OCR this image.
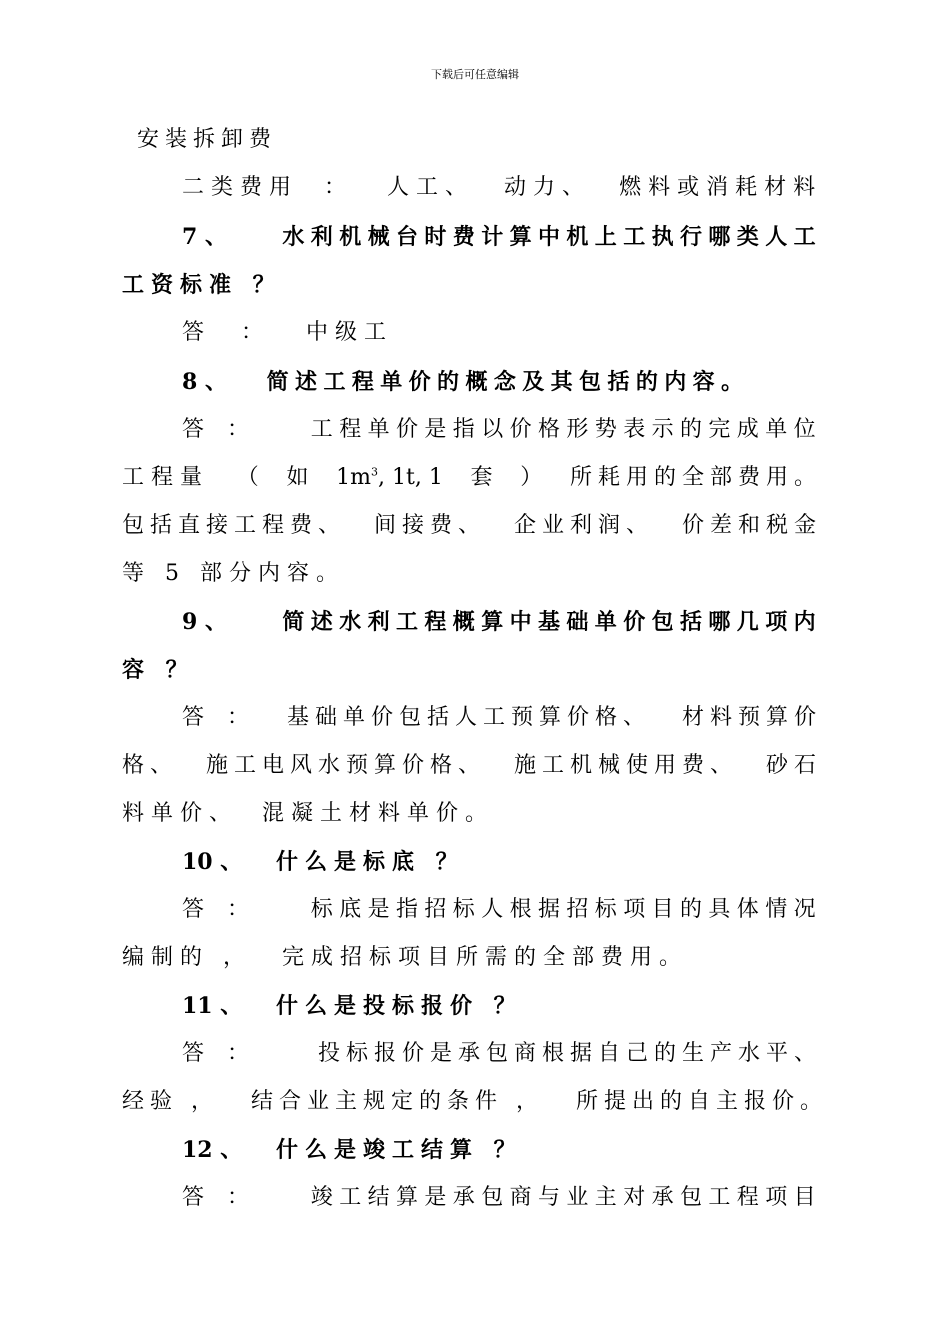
下载后可任意编辑
安装拆卸费
二类费用 ： 人工、 动力、 燃料或消耗材料
7 、	水利机械台时费计算中机上工执行哪类人工
工资标准 ？
答 ： 中级工
8 、 简述工程单价的概念及其包括的内容。
答 ： 工程单价是指以价格形势表示的完成单位
工程量 （ 如 $1m^3$, 1t, 1 套 ） 所耗用的全部费用。
包括直接工程费、 间接费、 企业利润、 价差和税金
等 5 部分内容。
9 、	简述水利工程概算中基础单价包括哪几项内
容 ？
答 ： 基础单价包括人工预算价格、 材料预算价
格、 施工电风水预算价格、 施工机械使用费、 砂石
料单价、 混凝土材料单价。
10 、 什么是标底 ？
答 ： 标底是指招标人根据招标项目的具体情况
编制的 ， 完成招标项目所需的全部费用。
11 、 什么是投标报价 ？
答 ：	投标报价是承包商根据自己的生产水平、
经验 ， 结合业主规定的条件 ， 所提出的自主报价。
12 、 什么是竣工结算 ？
答 ： 竣工结算是承包商与业主对承包工程项目
